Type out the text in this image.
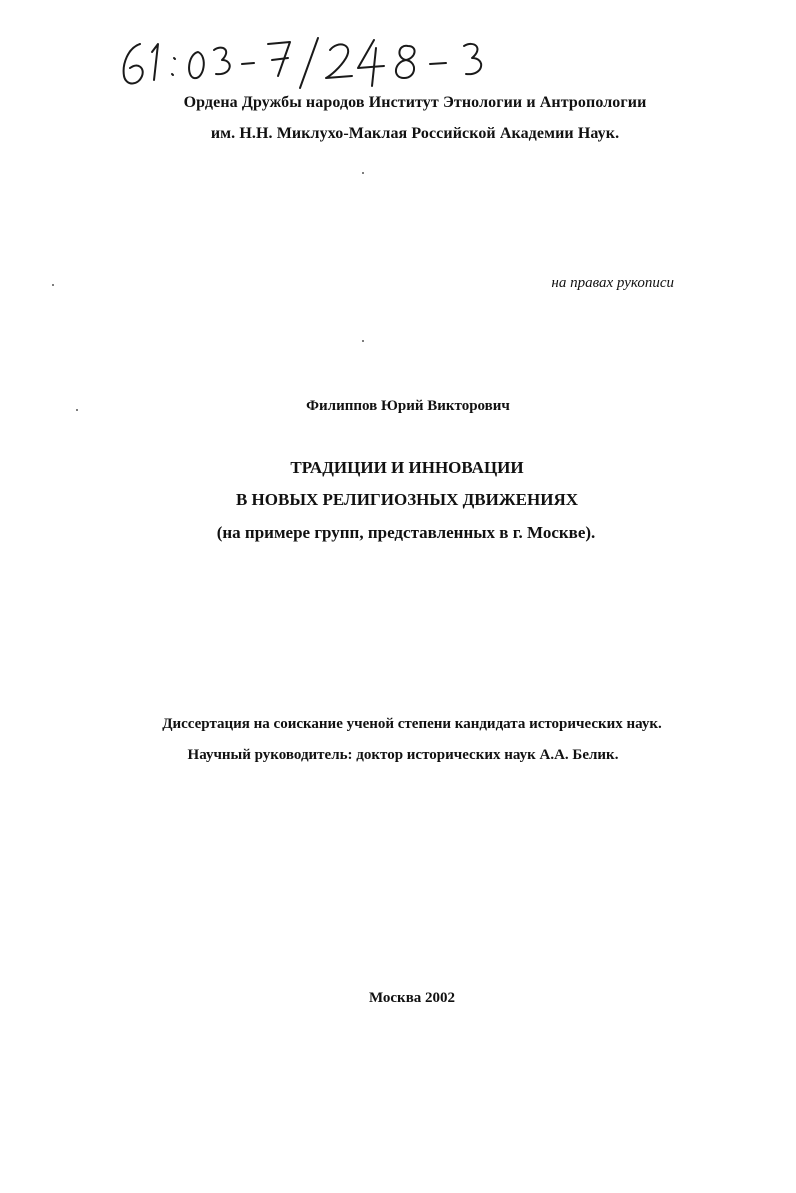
Ордена Дружбы народов Институт Этнологии и Антропологии
им. Н.Н. Миклухо-Маклая Российской Академии Наук.
на правах рукописи
Филиппов Юрий Викторович
ТРАДИЦИИ И ИННОВАЦИИ
В НОВЫХ РЕЛИГИОЗНЫХ ДВИЖЕНИЯХ
(на примере групп, представленных в г. Москве).
Диссертация на соискание ученой степени кандидата исторических наук.
Научный руководитель: доктор исторических наук А.А. Белик.
Москва 2002
